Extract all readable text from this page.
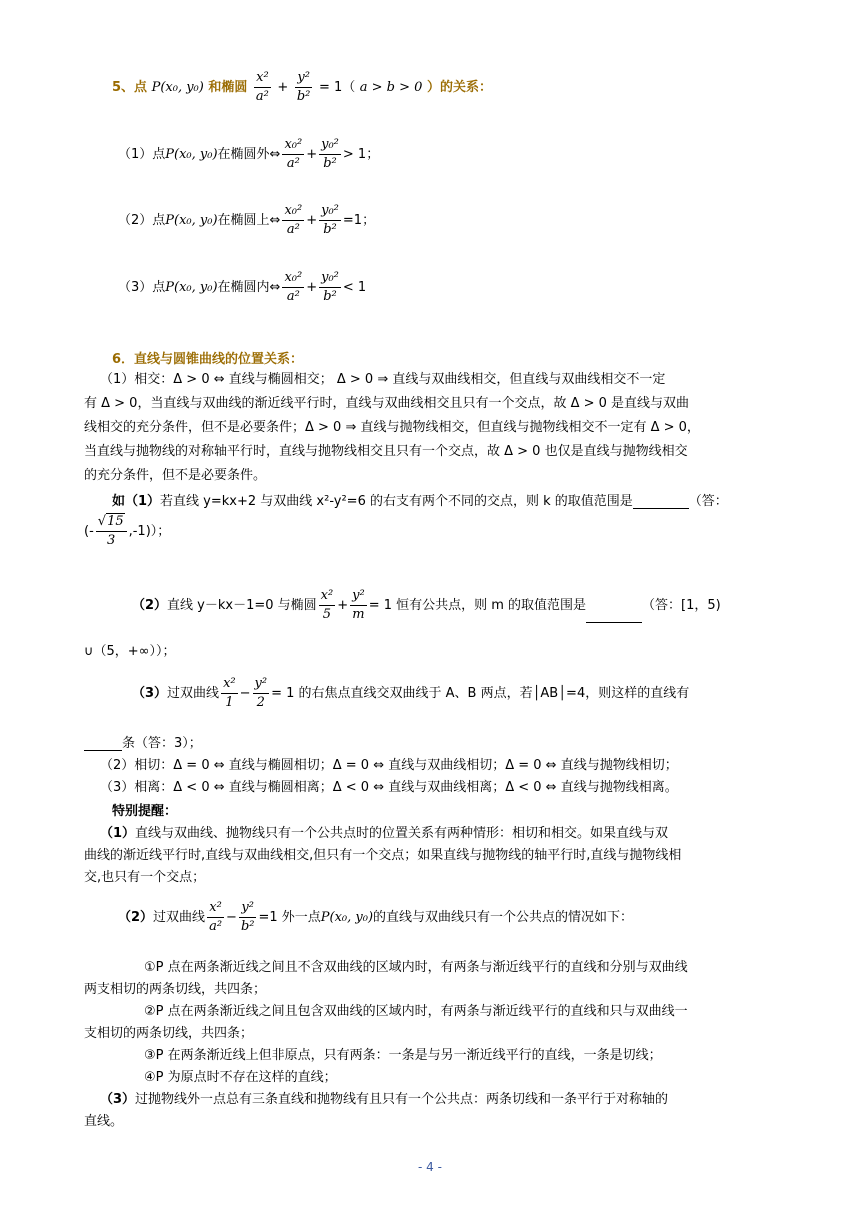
5、点 P(x₀, y₀) 和椭圆 $\frac{\text{x²}}{\text{a²}} + \frac{\text{y²}}{\text{b²}} = 1$（ a > b > 0 ）的关系：
（1）点P(x₀, y₀)在椭圆外⇔ $\frac{\text{x₀²}}{\text{a²}} + \frac{\text{y₀²}}{\text{b²}} > 1$；
（2）点P(x₀, y₀)在椭圆上⇔ $\frac{\text{x₀²}}{\text{a²}} + \frac{\text{y₀²}}{\text{b²}} =1$；
（3）点P(x₀, y₀)在椭圆内⇔ $\frac{\text{x₀²}}{\text{a²}} + \frac{\text{y₀²}}{\text{b²}} < 1$
6．直线与圆锥曲线的位置关系：
（1）相交：Δ > 0 ⇔ 直线与椭圆相交； Δ > 0 ⇒ 直线与双曲线相交，但直线与双曲线相交不一定
有 Δ > 0，当直线与双曲线的渐近线平行时，直线与双曲线相交且只有一个交点，故 Δ > 0 是直线与双曲
线相交的充分条件，但不是必要条件；Δ > 0 ⇒ 直线与抛物线相交，但直线与抛物线相交不一定有 Δ > 0，
当直线与抛物线的对称轴平行时，直线与抛物线相交且只有一个交点，故 Δ > 0 也仅是直线与抛物线相交
的充分条件，但不是必要条件。
如（1）若直线 y=kx+2 与双曲线 x²-y²=6 的右支有两个不同的交点，则 k 的取值范围是	（答：
(- $\frac{√15}{3} ,-1$)）；
（2）直线 y－kx－1=0 与椭圆 $\frac{\text{x²}}{5} + \frac{\text{y²}}{m} = 1$ 恒有公共点，则 m 的取值范围是	（答：[1，5)
∪（5，+∞））；
（3）过双曲线 $\frac{\text{x²}}{1} - \frac{\text{y²}}{2} = 1$ 的右焦点直线交双曲线于 A、B 两点，若│AB│=4，则这样的直线有
条（答：3）；
（2）相切：Δ = 0 ⇔ 直线与椭圆相切；Δ = 0 ⇔ 直线与双曲线相切；Δ = 0 ⇔ 直线与抛物线相切；
（3）相离：Δ < 0 ⇔ 直线与椭圆相离；Δ < 0 ⇔ 直线与双曲线相离；Δ < 0 ⇔ 直线与抛物线相离。
特别提醒：
（1）直线与双曲线、抛物线只有一个公共点时的位置关系有两种情形：相切和相交。如果直线与双
曲线的渐近线平行时,直线与双曲线相交,但只有一个交点；如果直线与抛物线的轴平行时,直线与抛物线相
交,也只有一个交点；
（2）过双曲线 $\frac{\text{x²}}{\text{a²}} - \frac{\text{y²}}{\text{b²}} =1$ 外一点P(x₀, y₀)的直线与双曲线只有一个公共点的情况如下：
①P 点在两条渐近线之间且不含双曲线的区域内时，有两条与渐近线平行的直线和分别与双曲线
两支相切的两条切线，共四条；
②P 点在两条渐近线之间且包含双曲线的区域内时，有两条与渐近线平行的直线和只与双曲线一
支相切的两条切线，共四条；
③P 在两条渐近线上但非原点，只有两条：一条是与另一渐近线平行的直线，一条是切线；
④P 为原点时不存在这样的直线；
（3）过抛物线外一点总有三条直线和抛物线有且只有一个公共点：两条切线和一条平行于对称轴的
直线。
- 4 -
